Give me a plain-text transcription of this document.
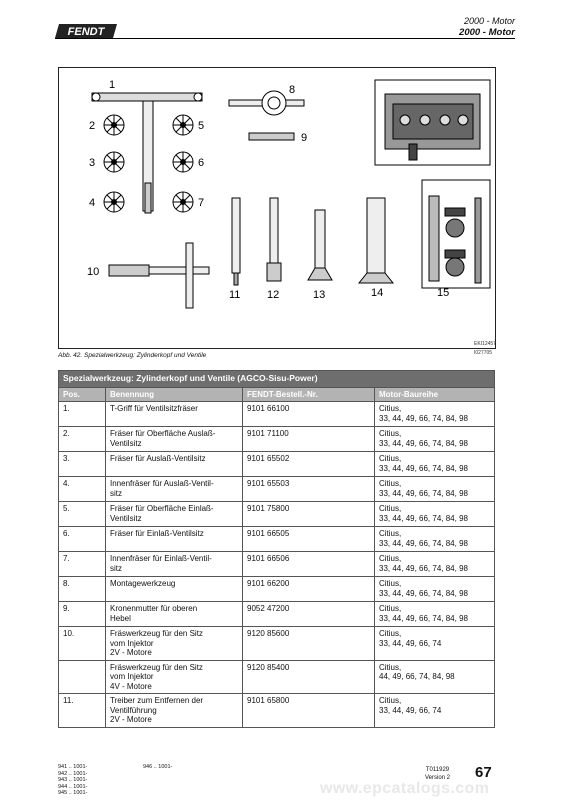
FENDT
2000 - Motor
2000 - Motor
1
2
3
4
5
6
7
8
9
10
11 12	13	14	15
EKI12457
Abb. 42. Spezialwerkzeug: Zylinderkopf und Ventile	I027705
Spezialwerkzeug: Zylinderkopf und Ventile (AGCO-Sisu-Power)			
Pos.	Benennung	FENDT-Bestell.-Nr.	Motor-Baureihe
1.	T-Griff für Ventilsitzfräser	9101 66100	Citius,
33, 44, 49, 66, 74, 84, 98
2.	Fräser für Oberfläche Auslaß-
Ventilsitz	9101 71100	Citius,
33, 44, 49, 66, 74, 84, 98
3.	Fräser für Auslaß-Ventilsitz	9101 65502	Citius,
33, 44, 49, 66, 74, 84, 98
4.	Innenfräser für Auslaß-Ventil-
sitz	9101 65503	Citius,
33, 44, 49, 66, 74, 84, 98
5.	Fräser für Oberfläche Einlaß-
Ventilsitz	9101 75800	Citius,
33, 44, 49, 66, 74, 84, 98
6.	Fräser für Einlaß-Ventilsitz	9101 66505	Citius,
33, 44, 49, 66, 74, 84, 98
7.	Innenfräser für Einlaß-Ventil-
sitz	9101 66506	Citius,
33, 44, 49, 66, 74, 84, 98
8.	Montagewerkzeug	9101 66200	Citius,
33, 44, 49, 66, 74, 84, 98
9.	Kronenmutter für oberen
Hebel	9052 47200	Citius,
33, 44, 49, 66, 74, 84, 98
10.	Fräswerkzeug für den Sitz
vom Injektor
2V - Motore	9120 85600	Citius,
33, 44, 49, 66, 74
	Fräswerkzeug für den Sitz
vom Injektor
4V - Motore	9120 85400	Citius,
44, 49, 66, 74, 84, 98
11.	Treiber zum Entfernen der
Ventilführung
2V - Motore	9101 65800	Citius,
33, 44, 49, 66, 74
941 .. 1001-
942 .. 1001-
943 .. 1001-
944 .. 1001-
945 .. 1001-
946 .. 1001-	T011929
Version 2 67
www.epcatalogs.com
